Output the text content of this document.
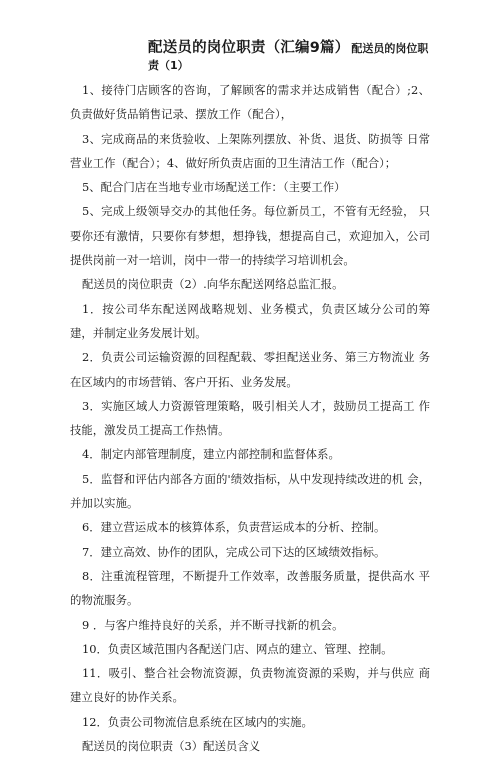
配送员的岗位职责（汇编9篇） 配送员的岗位职
责（1）

1、接待门店顾客的咨询，了解顾客的需求并达成销售（配合）;2、负责做好货品销售记录、摆放工作（配合），

3、完成商品的来货验收、上架陈列摆放、补货、退货、防损等 日常营业工作（配合）；4、做好所负责店面的卫生清洁工作（配合）；

5、配合门店在当地专业市场配送工作：（主要工作）

5、完成上级领导交办的其他任务。每位新员工，不管有无经验， 只要你还有激情，只要你有梦想，想挣钱，想提高自己，欢迎加入，公司提供岗前一对一培训，岗中一带一的持续学习培训机会。

配送员的岗位职责（2）.向华东配送网络总监汇报。

1．按公司华东配送网战略规划、业务模式，负责区域分公司的筹 建，并制定业务发展计划。

2．负责公司运输资源的回程配载、零担配送业务、第三方物流业 务在区域内的市场营销、客户开拓、业务发展。

3．实施区域人力资源管理策略，吸引相关人才，鼓励员工提高工 作技能，激发员工提高工作热情。

4．制定内部管理制度，建立内部控制和监督体系。

5．监督和评估内部各方面的'绩效指标，从中发现持续改进的机 会，并加以实施。

6．建立营运成本的核算体系，负责营运成本的分析、控制。

7．建立高效、协作的团队，完成公司下达的区域绩效指标。

8．注重流程管理，不断提升工作效率，改善服务质量，提供高水 平的物流服务。

9 ．与客户维持良好的关系，并不断寻找新的机会。

10．负责区域范围内各配送门店、网点的建立、管理、控制。

11．吸引、整合社会物流资源，负责物流资源的采购，并与供应 商建立良好的协作关系。

12．负责公司物流信息系统在区域内的实施。

配送员的岗位职责（3）配送员含义
